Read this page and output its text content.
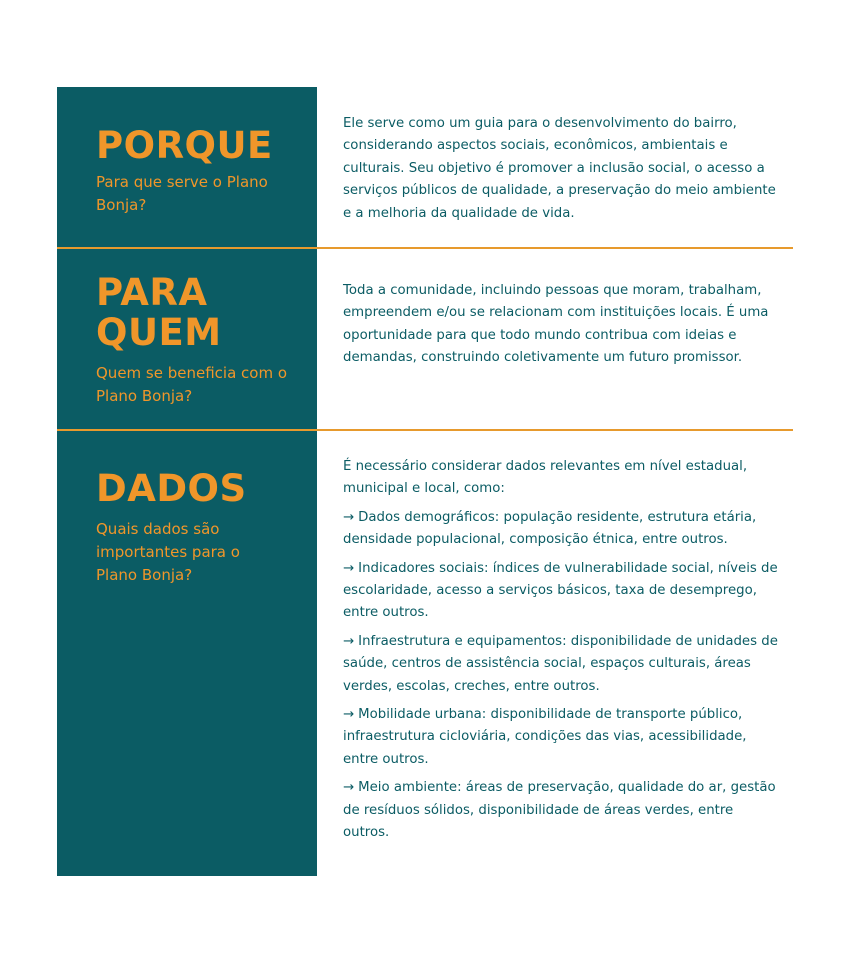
PORQUE

Para que serve o Plano Bonja?

Ele serve como um guia para o desenvolvimento do bairro, considerando aspectos sociais, econômicos, ambientais e culturais. Seu objetivo é promover a inclusão social, o acesso a serviços públicos de qualidade, a preservação do meio ambiente e a melhoria da qualidade de vida.

PARA
QUEM

Quem se beneficia com o Plano Bonja?

Toda a comunidade, incluindo pessoas que moram, trabalham, empreendem e/ou se relacionam com instituições locais. É uma oportunidade para que todo mundo contribua com ideias e demandas, construindo coletivamente um futuro promissor.

DADOS

Quais dados são importantes para o Plano Bonja?

É necessário considerar dados relevantes em nível estadual, municipal e local, como:

→ Dados demográficos: população residente, estrutura etária, densidade populacional, composição étnica, entre outros.

→ Indicadores sociais: índices de vulnerabilidade social, níveis de escolaridade, acesso a serviços básicos, taxa de desemprego, entre outros.

→ Infraestrutura e equipamentos: disponibilidade de unidades de saúde, centros de assistência social, espaços culturais, áreas verdes, escolas, creches, entre outros.

→ Mobilidade urbana: disponibilidade de transporte público, infraestrutura cicloviária, condições das vias, acessibilidade, entre outros.

→ Meio ambiente: áreas de preservação, qualidade do ar, gestão de resíduos sólidos, disponibilidade de áreas verdes, entre outros.
